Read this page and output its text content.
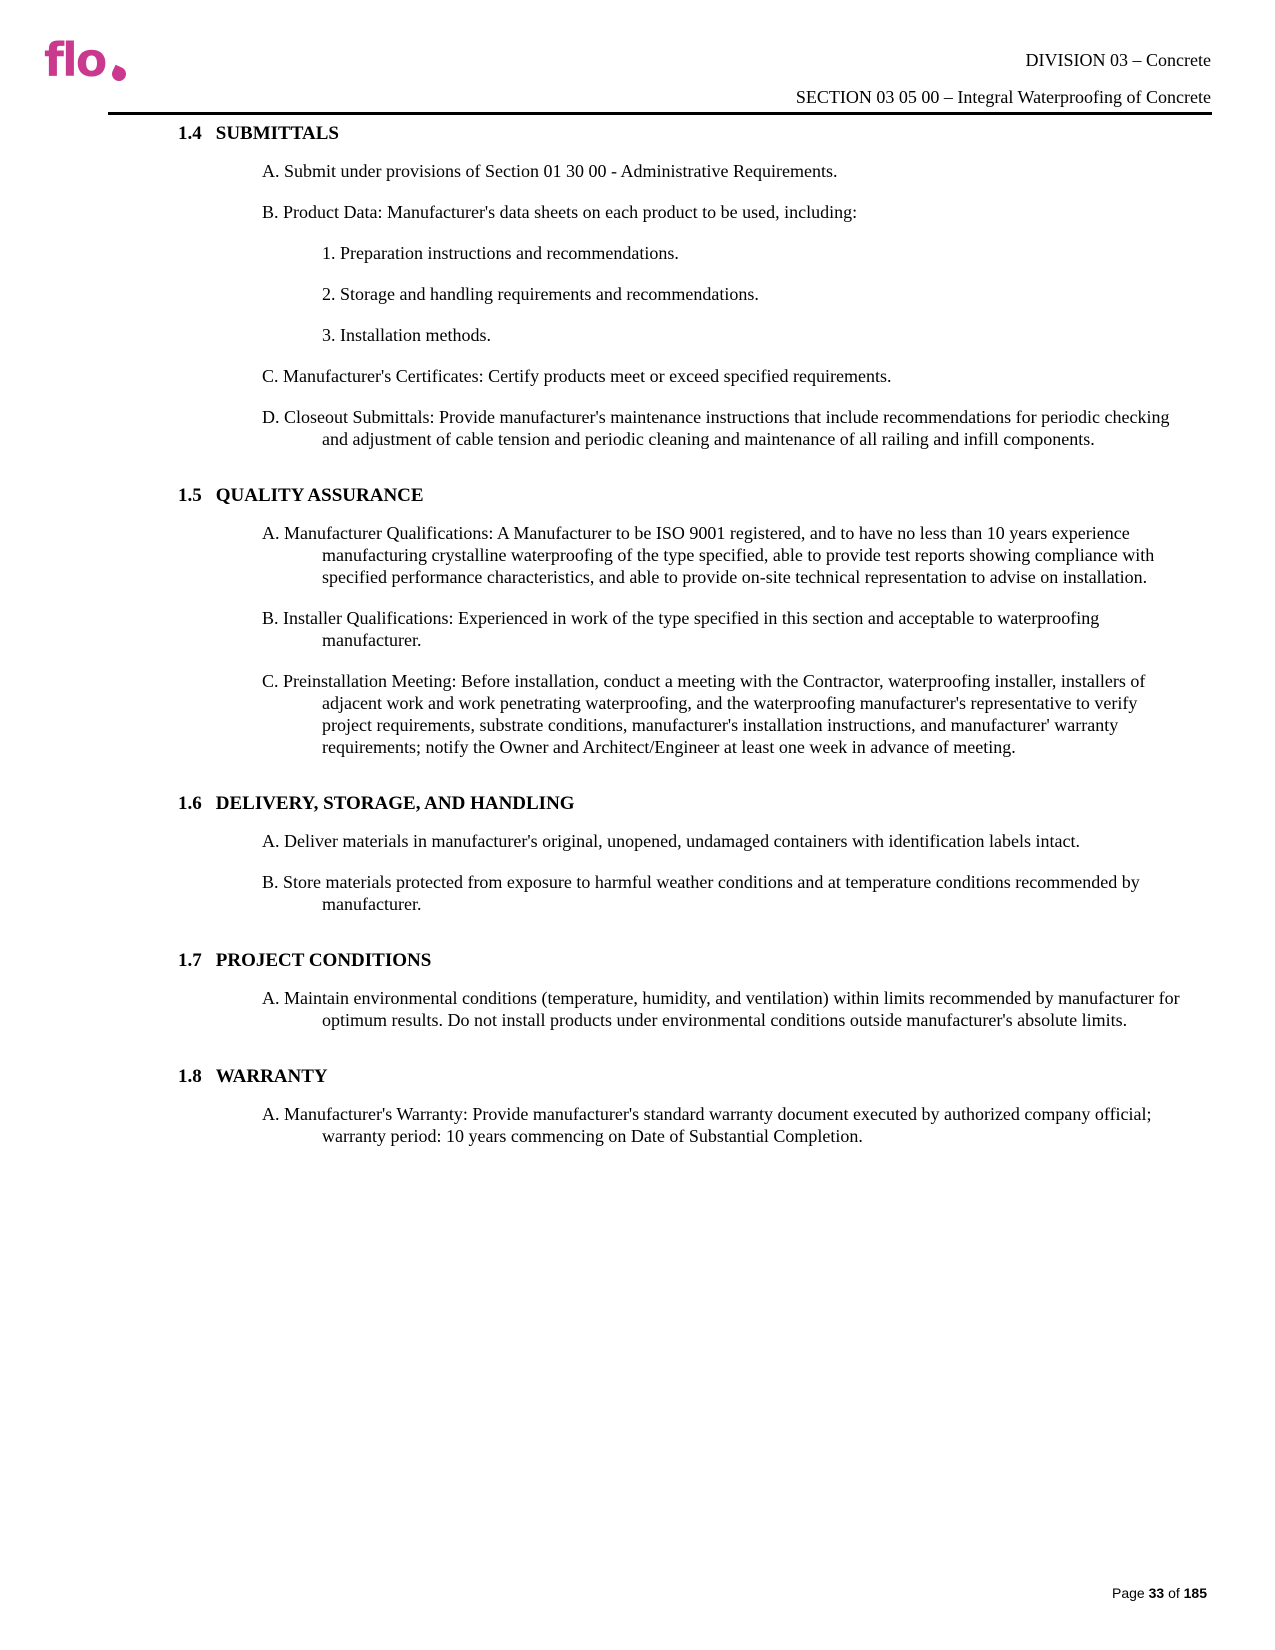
flo	DIVISION 03 – Concrete
SECTION 03 05 00 – Integral Waterproofing of Concrete
1.4 SUBMITTALS
A. Submit under provisions of Section 01 30 00 - Administrative Requirements.
B. Product Data: Manufacturer's data sheets on each product to be used, including:
1. Preparation instructions and recommendations.
2. Storage and handling requirements and recommendations.
3. Installation methods.
C. Manufacturer's Certificates: Certify products meet or exceed specified requirements.
D. Closeout Submittals: Provide manufacturer's maintenance instructions that include recommendations for periodic checking and adjustment of cable tension and periodic cleaning and maintenance of all railing and infill components.
1.5 QUALITY ASSURANCE
A. Manufacturer Qualifications: A Manufacturer to be ISO 9001 registered, and to have no less than 10 years experience manufacturing crystalline waterproofing of the type specified, able to provide test reports showing compliance with specified performance characteristics, and able to provide on-site technical representation to advise on installation.
B. Installer Qualifications: Experienced in work of the type specified in this section and acceptable to waterproofing manufacturer.
C. Preinstallation Meeting: Before installation, conduct a meeting with the Contractor, waterproofing installer, installers of adjacent work and work penetrating waterproofing, and the waterproofing manufacturer's representative to verify project requirements, substrate conditions, manufacturer's installation instructions, and manufacturer' warranty requirements; notify the Owner and Architect/Engineer at least one week in advance of meeting.
1.6 DELIVERY, STORAGE, AND HANDLING
A. Deliver materials in manufacturer's original, unopened, undamaged containers with identification labels intact.
B. Store materials protected from exposure to harmful weather conditions and at temperature conditions recommended by manufacturer.
1.7 PROJECT CONDITIONS
A. Maintain environmental conditions (temperature, humidity, and ventilation) within limits recommended by manufacturer for optimum results. Do not install products under environmental conditions outside manufacturer's absolute limits.
1.8 WARRANTY
A. Manufacturer's Warranty: Provide manufacturer's standard warranty document executed by authorized company official; warranty period: 10 years commencing on Date of Substantial Completion.
Page 33 of 185
